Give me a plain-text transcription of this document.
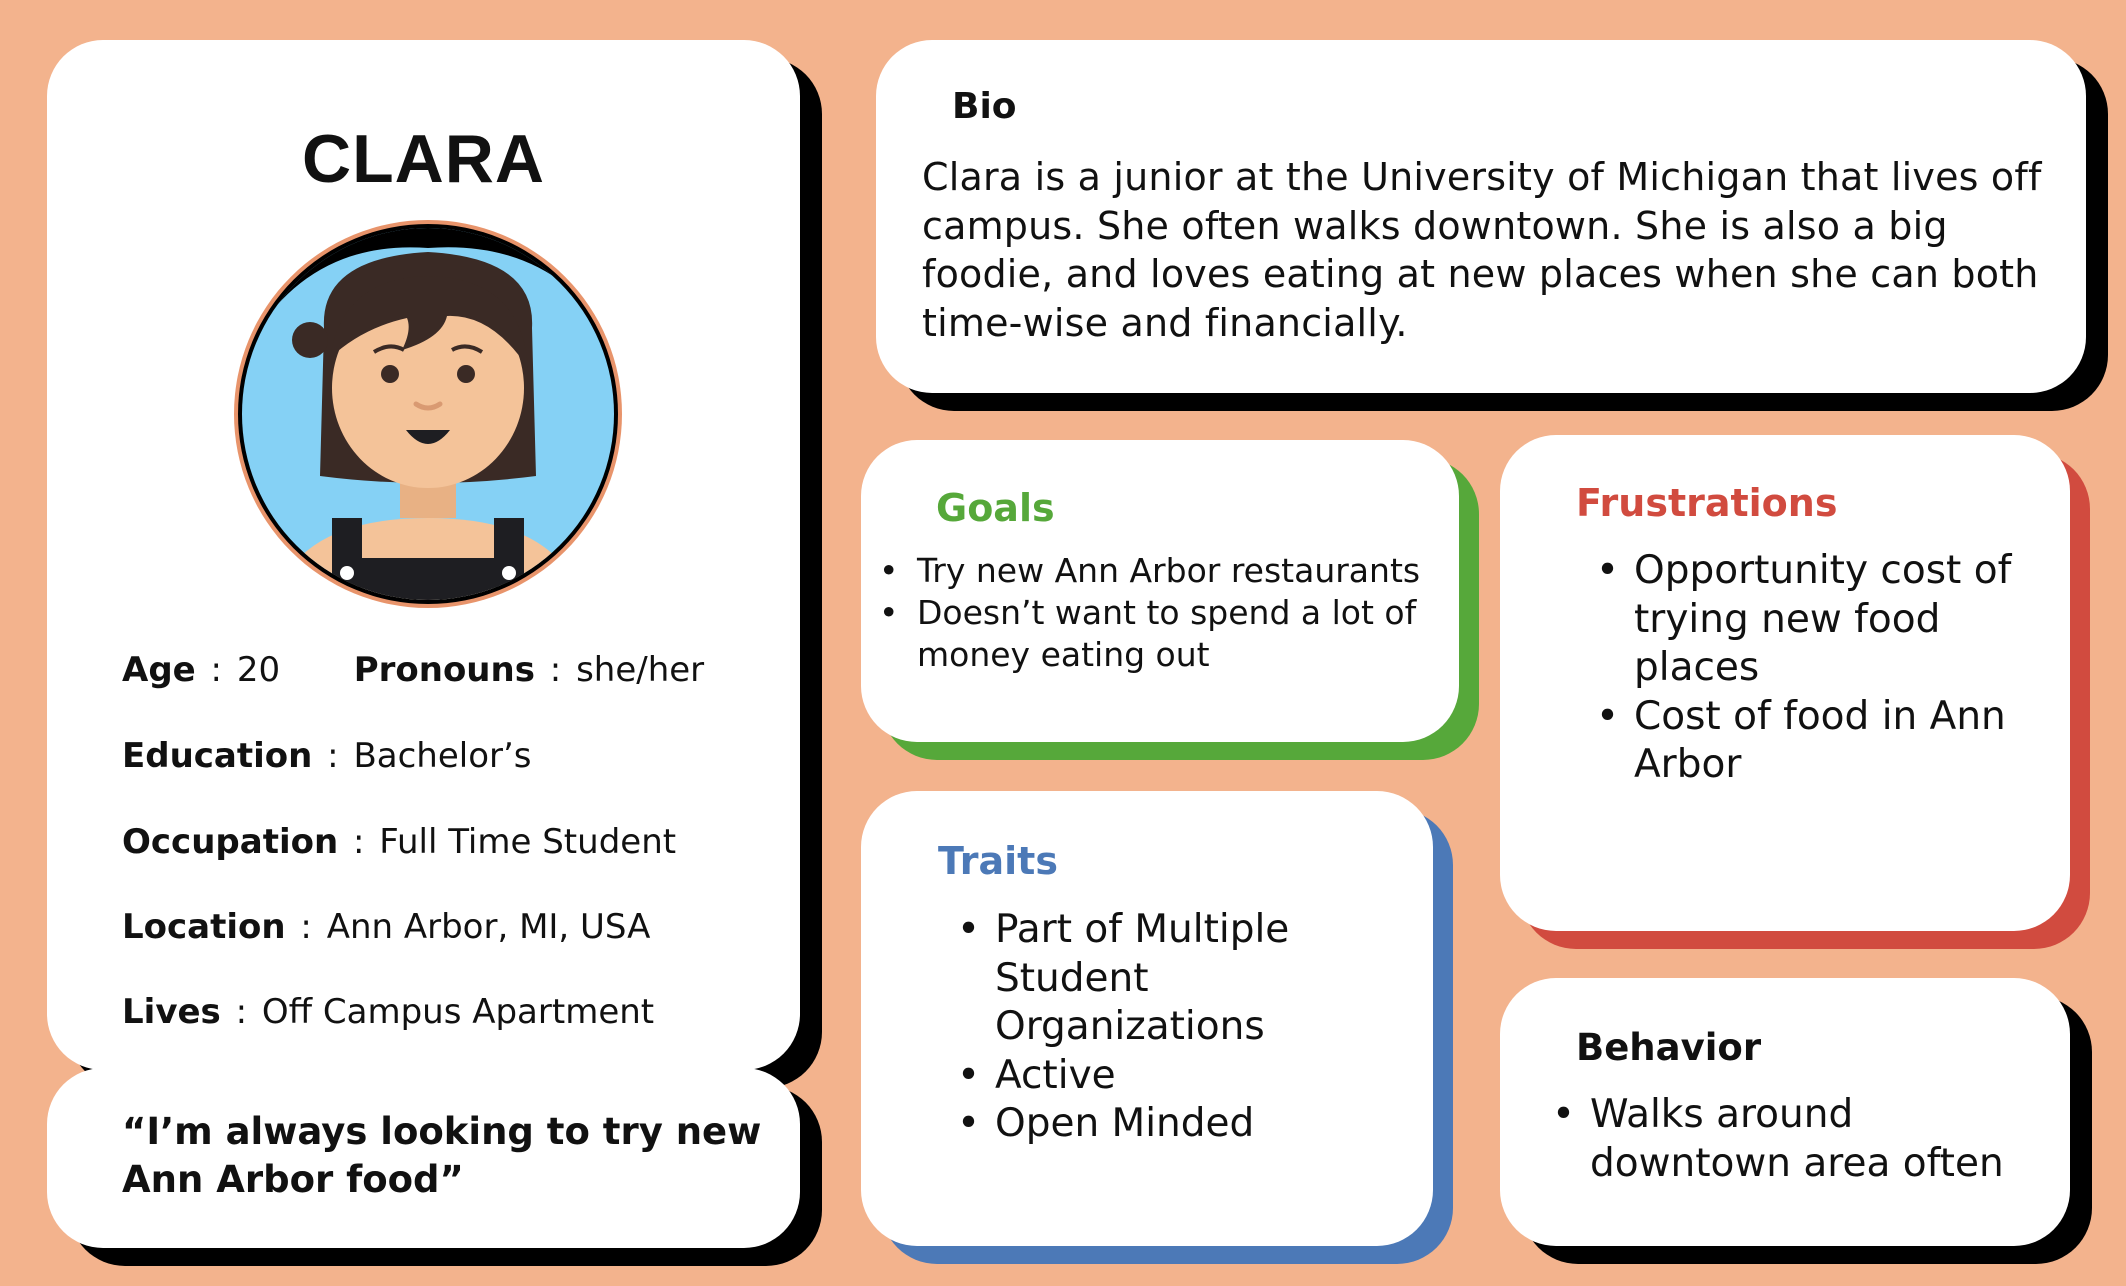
CLARA
Age : 20 Pronouns : she/her
Education : Bachelor’s
Occupation : Full Time Student
Location : Ann Arbor, MI, USA
Lives : Off Campus Apartment
“I’m always looking to try new Ann Arbor food”
Bio
Clara is a junior at the University of Michigan that lives off campus. She often walks downtown. She is also a big foodie, and loves eating at new places when she can both time-wise and financially.
Goals
• Try new Ann Arbor restaurants
• Doesn’t want to spend a lot of money eating out
Traits
• Part of Multiple Student Organizations
• Active
• Open Minded
Frustrations
• Opportunity cost of trying new food places
• Cost of food in Ann Arbor
Behavior
• Walks around downtown area often
